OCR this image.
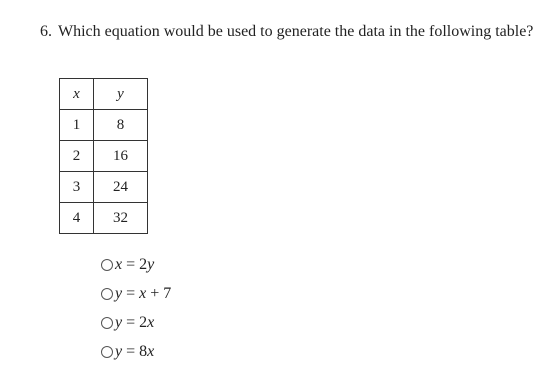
6. Which equation would be used to generate the data in the following table?
x	y
1	8
2	16
3	24
4	32
x = 2y
y = x + 7
y = 2x
y = 8x
